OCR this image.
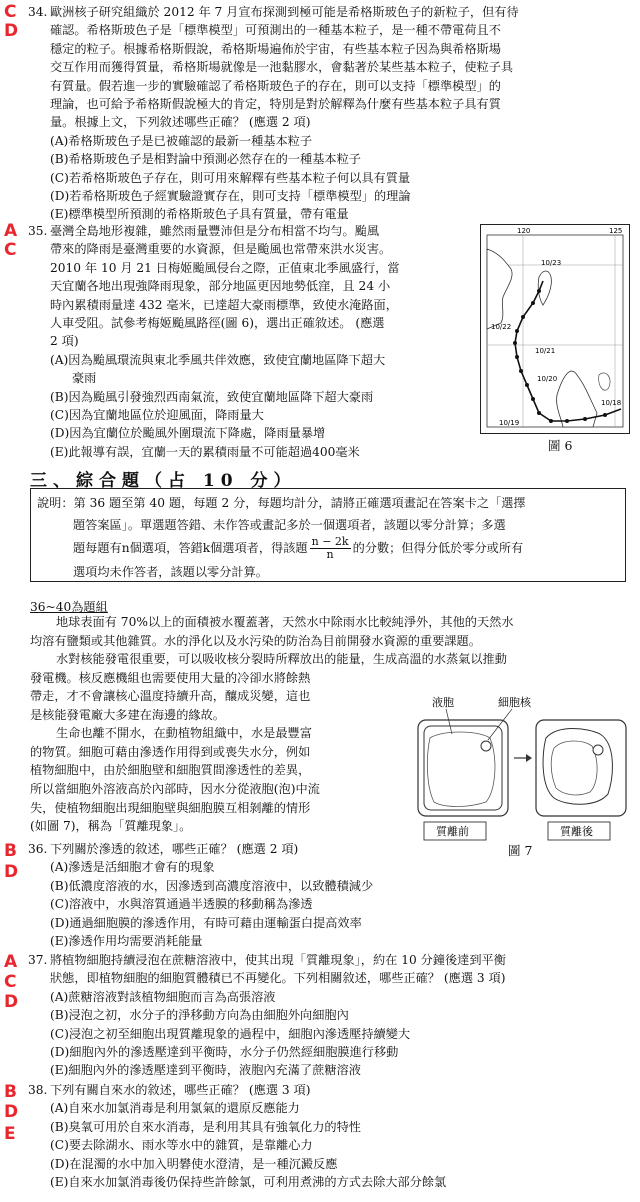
C
D
34. 歐洲核子研究組織於 2012 年 7 月宣布探測到極可能是希格斯玻色子的新粒子，但有待
確認。希格斯玻色子是「標準模型」可預測出的一種基本粒子，是一種不帶電荷且不
穩定的粒子。根據希格斯假說，希格斯場遍佈於宇宙，有些基本粒子因為與希格斯場
交互作用而獲得質量，希格斯場就像是一池黏膠水，會黏著於某些基本粒子，使粒子具
有質量。假若進一步的實驗確認了希格斯玻色子的存在，則可以支持「標準模型」的
理論，也可給予希格斯假說極大的肯定，特別是對於解釋為什麼有些基本粒子具有質
量。根據上文，下列敘述哪些正確？ (應選 2 項)
(A)希格斯玻色子是已被確認的最新一種基本粒子
(B)希格斯玻色子是相對論中預測必然存在的一種基本粒子
(C)若希格斯玻色子存在，則可用來解釋有些基本粒子何以具有質量
(D)若希格斯玻色子經實驗證實存在，則可支持「標準模型」的理論
(E)標準模型所預測的希格斯玻色子具有質量，帶有電量
A
C
35. 臺灣全島地形複雜，雖然雨量豐沛但是分布相當不均勻。颱風
帶來的降雨是臺灣重要的水資源，但是颱風也常帶來洪水災害。
2010 年 10 月 21 日梅姬颱風侵台之際，正值東北季風盛行，當
天宜蘭各地出現強降雨現象，部分地區更因地勢低窪，且 24 小
時內累積雨量達 432 毫米，已達超大豪雨標準，致使水淹路面，
人車受阻。試參考梅姬颱風路徑(圖 6)，選出正確敘述。 (應選
2 項)
(A)因為颱風環流與東北季風共伴效應，致使宜蘭地區降下超大
豪雨
(B)因為颱風引發強烈西南氣流，致使宜蘭地區降下超大豪雨
(C)因為宜蘭地區位於迎風面，降雨量大
(D)因為宜蘭位於颱風外圍環流下降處，降雨量暴增
(E)此報導有誤，宜蘭一天的累積雨量不可能超過400毫米
120	125
10/23
10/22
10/21
10/20
10/19
10/18
圖 6
三、綜合題（占 10 分）
說明：第 36 題至第 40 題，每題 2 分，每題均計分，請將正確選項畫記在答案卡之「選擇
題答案區」。單選題答錯、未作答或畫記多於一個選項者，該題以零分計算；多選
題每題有n個選項，答錯k個選項者，得該題 $\frac{n - 2k}{n}$ 的分數；但得分低於零分或所有
選項均未作答者，該題以零分計算。
36~40為題組
地球表面有 70%以上的面積被水覆蓋著，天然水中除雨水比較純淨外，其他的天然水
均溶有鹽類或其他雜質。水的淨化以及水污染的防治為目前開發水資源的重要課題。
水對核能發電很重要，可以吸收核分裂時所釋放出的能量，生成高溫的水蒸氣以推動
發電機。核反應機組也需要使用大量的冷卻水將餘熱
帶走，才不會讓核心溫度持續升高，釀成災變，這也
是核能發電廠大多建在海邊的緣故。
生命也離不開水，在動植物組織中，水是最豐富
的物質。細胞可藉由滲透作用得到或喪失水分，例如
植物細胞中，由於細胞壁和細胞質間滲透性的差異，
所以當細胞外溶液高於內部時，因水分從液胞(泡)中流
失，使植物細胞出現細胞壁與細胞膜互相剝離的情形
(如圖 7)，稱為「質離現象」。
液胞	細胞核
質離前	質離後
圖 7
B
D
36. 下列關於滲透的敘述，哪些正確？ (應選 2 項)
(A)滲透是活細胞才會有的現象
(B)低濃度溶液的水，因滲透到高濃度溶液中，以致體積減少
(C)溶液中，水與溶質通過半透膜的移動稱為滲透
(D)通過細胞膜的滲透作用，有時可藉由運輸蛋白提高效率
(E)滲透作用均需要消耗能量
A
C
D
37. 將植物細胞持續浸泡在蔗糖溶液中，使其出現「質離現象」，約在 10 分鐘後達到平衡
狀態，即植物細胞的細胞質體積已不再變化。下列相關敘述，哪些正確？ (應選 3 項)
(A)蔗糖溶液對該植物細胞而言為高張溶液
(B)浸泡之初，水分子的淨移動方向為由細胞外向細胞內
(C)浸泡之初至細胞出現質離現象的過程中，細胞內滲透壓持續變大
(D)細胞內外的滲透壓達到平衡時，水分子仍然經細胞膜進行移動
(E)細胞內外的滲透壓達到平衡時，液胞內充滿了蔗糖溶液
B
D
E
38. 下列有關自來水的敘述，哪些正確？ (應選 3 項)
(A)自來水加氯消毒是利用氯氣的還原反應能力
(B)臭氧可用於自來水消毒，是利用其具有強氧化力的特性
(C)要去除湖水、雨水等水中的雜質，是靠離心力
(D)在混濁的水中加入明礬使水澄清，是一種沉澱反應
(E)自來水加氯消毒後仍保持些許餘氯，可利用煮沸的方式去除大部分餘氯
